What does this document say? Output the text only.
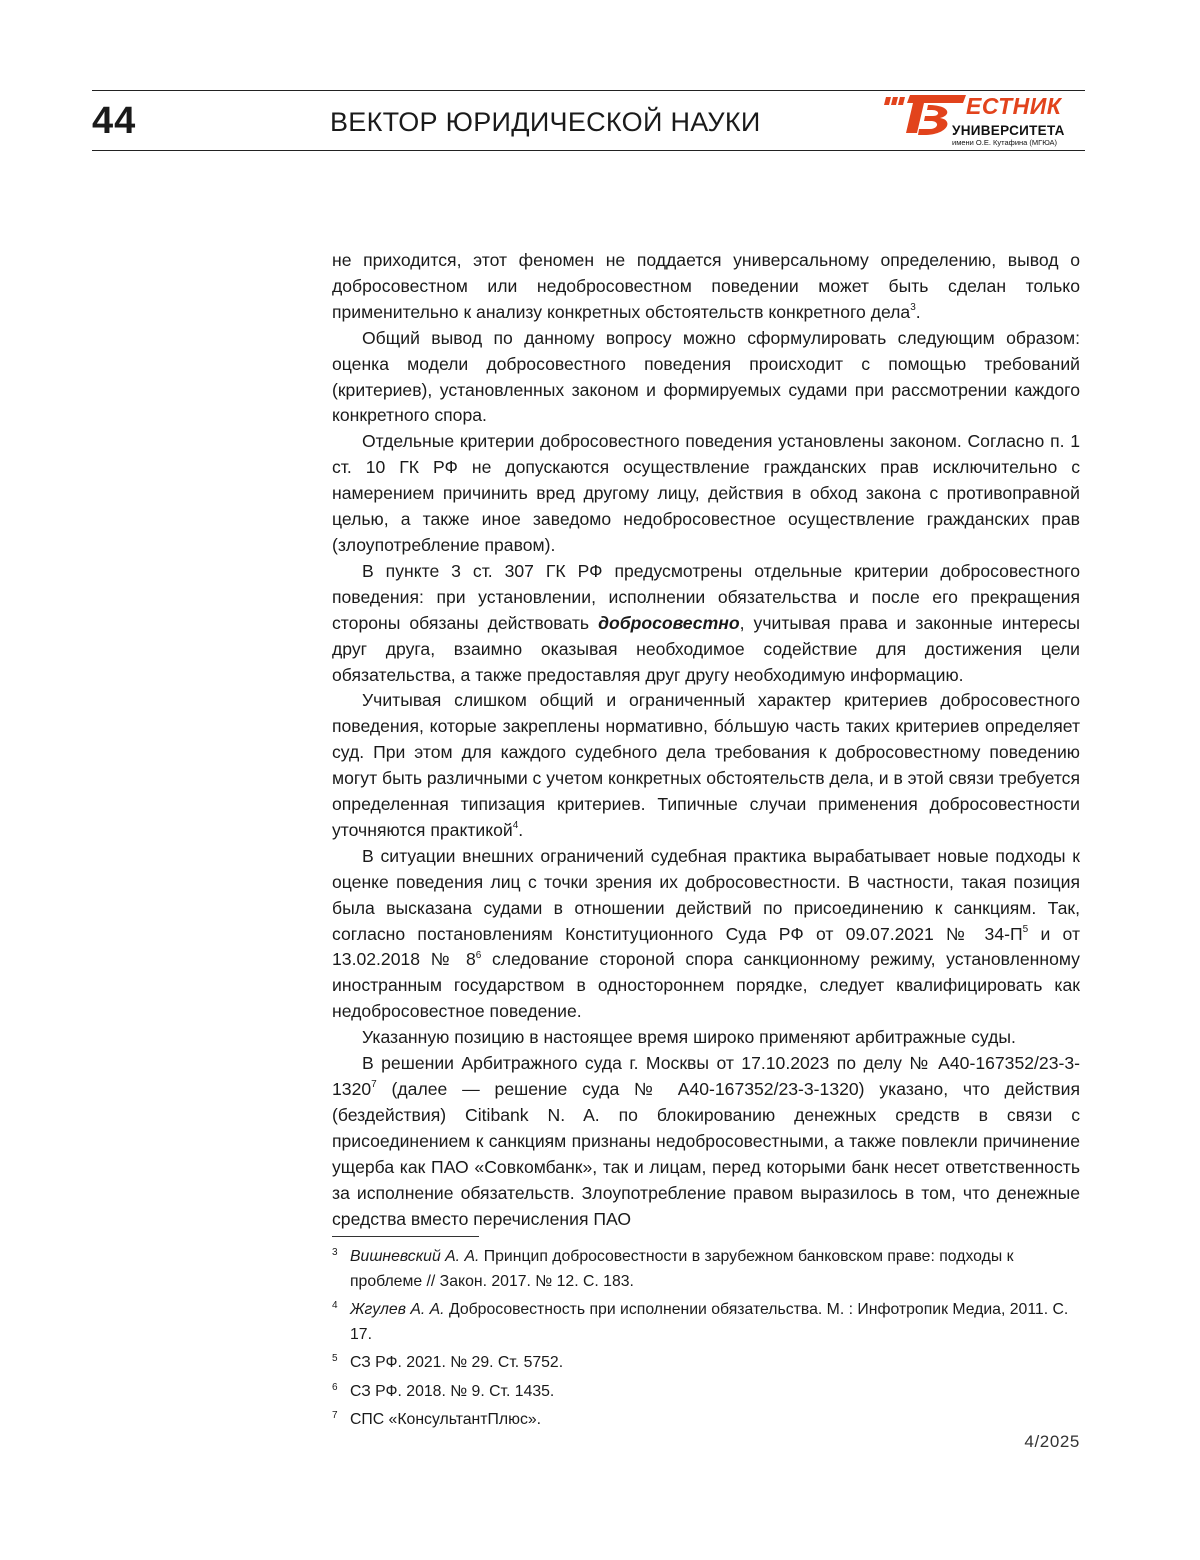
44	ВЕКТОР ЮРИДИЧЕСКОЙ НАУКИ
ЕСТНИК
УНИВЕРСИТЕТА
имени О.Е. Кутафина (МГЮА)

не приходится, этот феномен не поддается универсальному определению, вывод о добросовестном или недобросовестном поведении может быть сделан только применительно к анализу конкретных обстоятельств конкретного дела3.

Общий вывод по данному вопросу можно сформулировать следующим образом: оценка модели добросовестного поведения происходит с помощью требований (критериев), установленных законом и формируемых судами при рассмотрении каждого конкретного спора.

Отдельные критерии добросовестного поведения установлены законом. Согласно п. 1 ст. 10 ГК РФ не допускаются осуществление гражданских прав исключительно с намерением причинить вред другому лицу, действия в обход закона с противоправной целью, а также иное заведомо недобросовестное осуществление гражданских прав (злоупотребление правом).

В пункте 3 ст. 307 ГК РФ предусмотрены отдельные критерии добросовестного поведения: при установлении, исполнении обязательства и после его прекращения стороны обязаны действовать добросовестно, учитывая права и законные интересы друг друга, взаимно оказывая необходимое содействие для достижения цели обязательства, а также предоставляя друг другу необходимую информацию.

Учитывая слишком общий и ограниченный характер критериев добросовестного поведения, которые закреплены нормативно, бóльшую часть таких критериев определяет суд. При этом для каждого судебного дела требования к добросовестному поведению могут быть различными с учетом конкретных обстоятельств дела, и в этой связи требуется определенная типизация критериев. Типичные случаи применения добросовестности уточняются практикой4.

В ситуации внешних ограничений судебная практика вырабатывает новые подходы к оценке поведения лиц с точки зрения их добросовестности. В частности, такая позиция была высказана судами в отношении действий по присоединению к санкциям. Так, согласно постановлениям Конституционного Суда РФ от 09.07.2021 № 34-П5 и от 13.02.2018 № 86 следование стороной спора санкционному режиму, установленному иностранным государством в одностороннем порядке, следует квалифицировать как недобросовестное поведение.

Указанную позицию в настоящее время широко применяют арбитражные суды.

В решении Арбитражного суда г. Москвы от 17.10.2023 по делу № А40-167352/23-3-13207 (далее — решение суда № А40-167352/23-3-1320) указано, что действия (бездействия) Citibank N. A. по блокированию денежных средств в связи с присоединением к санкциям признаны недобросовестными, а также повлекли причинение ущерба как ПАО «Совкомбанк», так и лицам, перед которыми банк несет ответственность за исполнение обязательств. Злоупотребление правом выразилось в том, что денежные средства вместо перечисления ПАО

3 Вишневский А. А. Принцип добросовестности в зарубежном банковском праве: подходы к проблеме // Закон. 2017. № 12. С. 183.
4 Жгулев А. А. Добросовестность при исполнении обязательства. М. : Инфотропик Медиа, 2011. С. 17.
5 СЗ РФ. 2021. № 29. Ст. 5752.
6 СЗ РФ. 2018. № 9. Ст. 1435.
7 СПС «КонсультантПлюс».
4/2025
